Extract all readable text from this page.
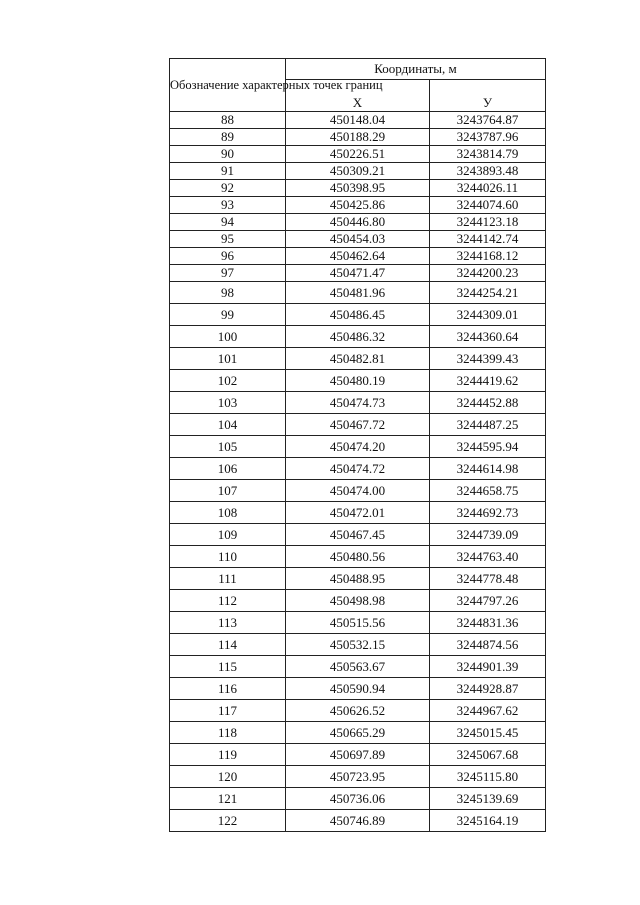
Обозначение характерных точек границ	Координаты, м	
	Х	У
88	450148.04	3243764.87
89	450188.29	3243787.96
90	450226.51	3243814.79
91	450309.21	3243893.48
92	450398.95	3244026.11
93	450425.86	3244074.60
94	450446.80	3244123.18
95	450454.03	3244142.74
96	450462.64	3244168.12
97	450471.47	3244200.23
98	450481.96	3244254.21
99	450486.45	3244309.01
100	450486.32	3244360.64
101	450482.81	3244399.43
102	450480.19	3244419.62
103	450474.73	3244452.88
104	450467.72	3244487.25
105	450474.20	3244595.94
106	450474.72	3244614.98
107	450474.00	3244658.75
108	450472.01	3244692.73
109	450467.45	3244739.09
110	450480.56	3244763.40
111	450488.95	3244778.48
112	450498.98	3244797.26
113	450515.56	3244831.36
114	450532.15	3244874.56
115	450563.67	3244901.39
116	450590.94	3244928.87
117	450626.52	3244967.62
118	450665.29	3245015.45
119	450697.89	3245067.68
120	450723.95	3245115.80
121	450736.06	3245139.69
122	450746.89	3245164.19
